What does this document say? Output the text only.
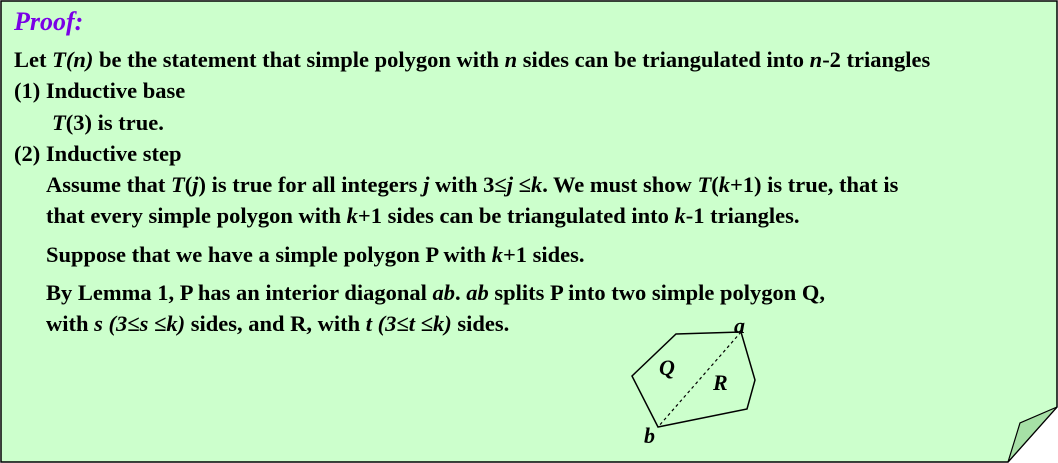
Proof:
Let T(n) be the statement that simple polygon with n sides can be triangulated into n-2 triangles
(1) Inductive base
T(3) is true.
(2) Inductive step
Assume that T(j) is true for all integers j with 3≤j ≤k. We must show T(k+1) is true, that is
that every simple polygon with k+1 sides can be triangulated into k-1 triangles.
Suppose that we have a simple polygon P with k+1 sides.
By Lemma 1, P has an interior diagonal ab. ab splits P into two simple polygon Q,
with s (3≤s ≤k) sides, and R, with t (3≤t ≤k) sides.	a
b
Q
R
